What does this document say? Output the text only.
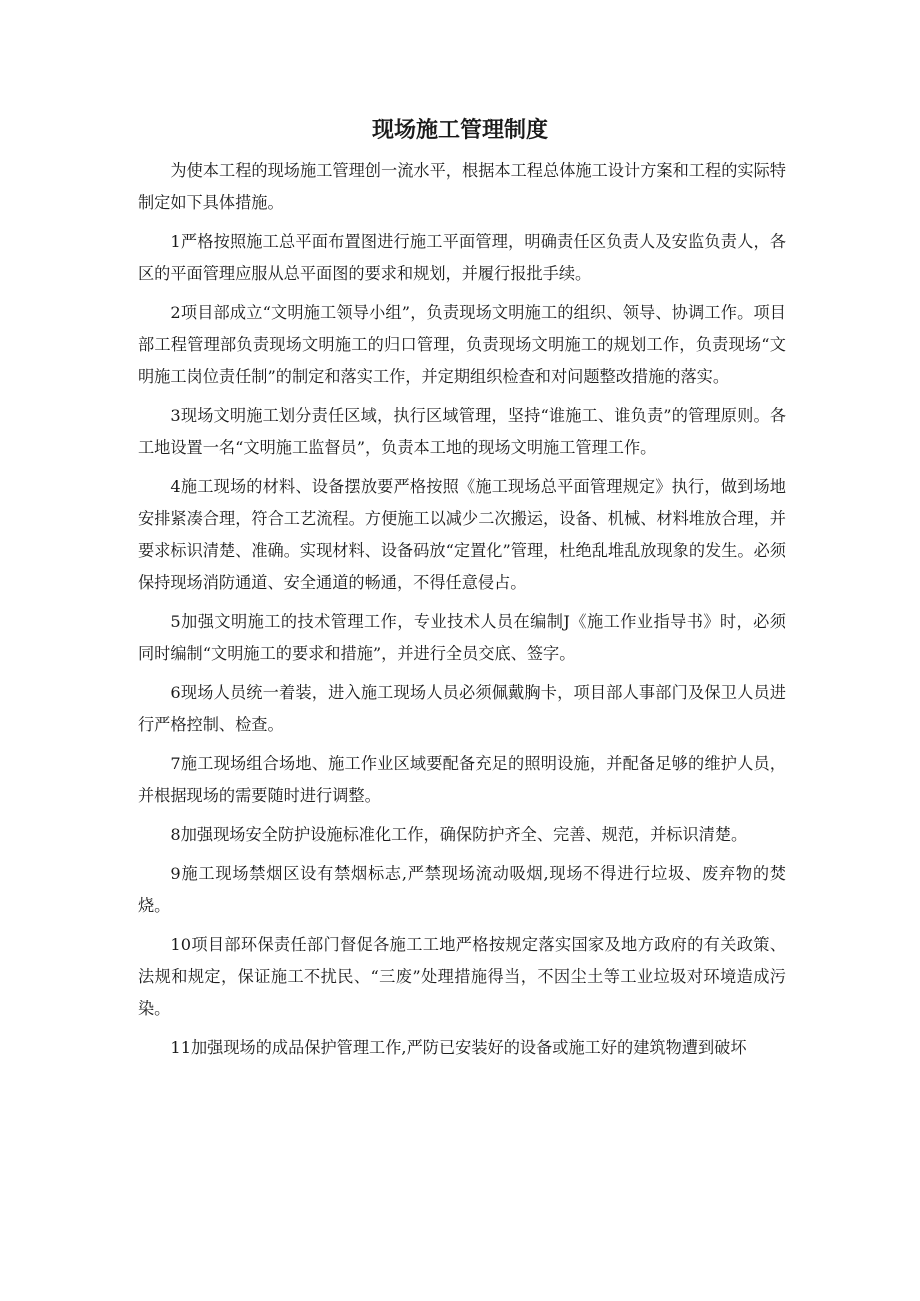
现场施工管理制度

为使本工程的现场施工管理创一流水平，根据本工程总体施工设计方案和工程的实际特制定如下具体措施。

1严格按照施工总平面布置图进行施工平面管理，明确责任区负责人及安监负责人，各区的平面管理应服从总平面图的要求和规划，并履行报批手续。

2项目部成立“文明施工领导小组”，负责现场文明施工的组织、领导、协调工作。项目部工程管理部负责现场文明施工的归口管理，负责现场文明施工的规划工作，负责现场“文明施工岗位责任制”的制定和落实工作，并定期组织检查和对问题整改措施的落实。

3现场文明施工划分责任区域，执行区域管理，坚持“谁施工、谁负责”的管理原则。各工地设置一名“文明施工监督员”，负责本工地的现场文明施工管理工作。

4施工现场的材料、设备摆放要严格按照《施工现场总平面管理规定》执行，做到场地安排紧凑合理，符合工艺流程。方便施工以减少二次搬运，设备、机械、材料堆放合理，并要求标识清楚、准确。实现材料、设备码放“定置化”管理，杜绝乱堆乱放现象的发生。必须保持现场消防通道、安全通道的畅通，不得任意侵占。

5加强文明施工的技术管理工作，专业技术人员在编制J《施工作业指导书》时，必须同时编制“文明施工的要求和措施”，并进行全员交底、签字。

6现场人员统一着装，进入施工现场人员必须佩戴胸卡，项目部人事部门及保卫人员进行严格控制、检查。

7施工现场组合场地、施工作业区域要配备充足的照明设施，并配备足够的维护人员，并根据现场的需要随时进行调整。

8加强现场安全防护设施标准化工作，确保防护齐全、完善、规范，并标识清楚。

9施工现场禁烟区设有禁烟标志,严禁现场流动吸烟,现场不得进行垃圾、废弃物的焚烧。

10项目部环保责任部门督促各施工工地严格按规定落实国家及地方政府的有关政策、法规和规定，保证施工不扰民、“三废”处理措施得当，不因尘土等工业垃圾对环境造成污染。

11加强现场的成品保护管理工作,严防已安装好的设备或施工好的建筑物遭到破坏
